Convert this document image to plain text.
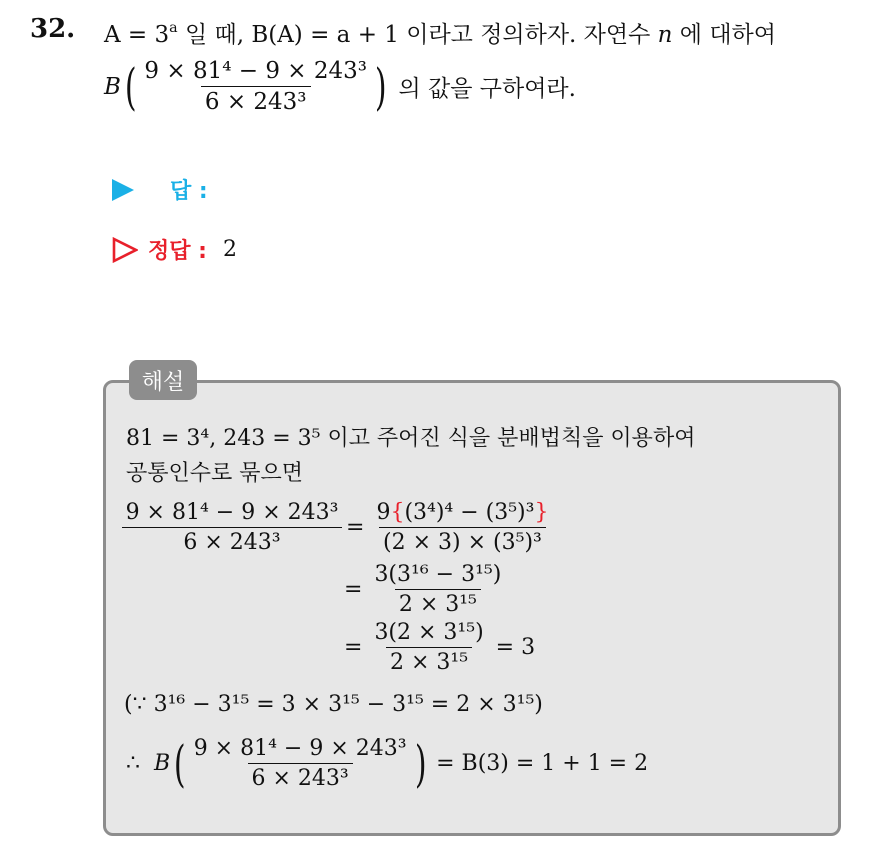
32. $A = 3^a$ 일 때, B(A) = a + 1 이라고 정의하자. 자연수 n 에 대하여
B ( $\frac{\text{9 × 81⁴ − 9 × 243³}}{\text{6 × 243³}}$ ) 의 값을 구하여라.
답 :
정답 : 2
해설
81 = 3⁴, 243 = 3⁵ 이고 주어진 식을 분배법칙을 이용하여
공통인수로 묶으면
$\frac{\text{9 × 81⁴ − 9 × 243³}}{\text{6 × 243³}} = \frac{\text{9\{(3⁴)⁴ − (3⁵)³\}}}{\text{(2 × 3) × (3⁵)³}}$
= $\frac{\text{3(3¹⁶ − 3¹⁵)}}{\text{2 × 3¹⁵}}$
= $\frac{\text{3(2 × 3¹⁵)}}{\text{2 × 3¹⁵}} = 3$
(∵ 3¹⁶ − 3¹⁵ = 3 × 3¹⁵ − 3¹⁵ = 2 × 3¹⁵)
∴ B ( $\frac{\text{9 × 81⁴ − 9 × 243³}}{\text{6 × 243³}}$ ) = B(3) = 1 + 1 = 2
